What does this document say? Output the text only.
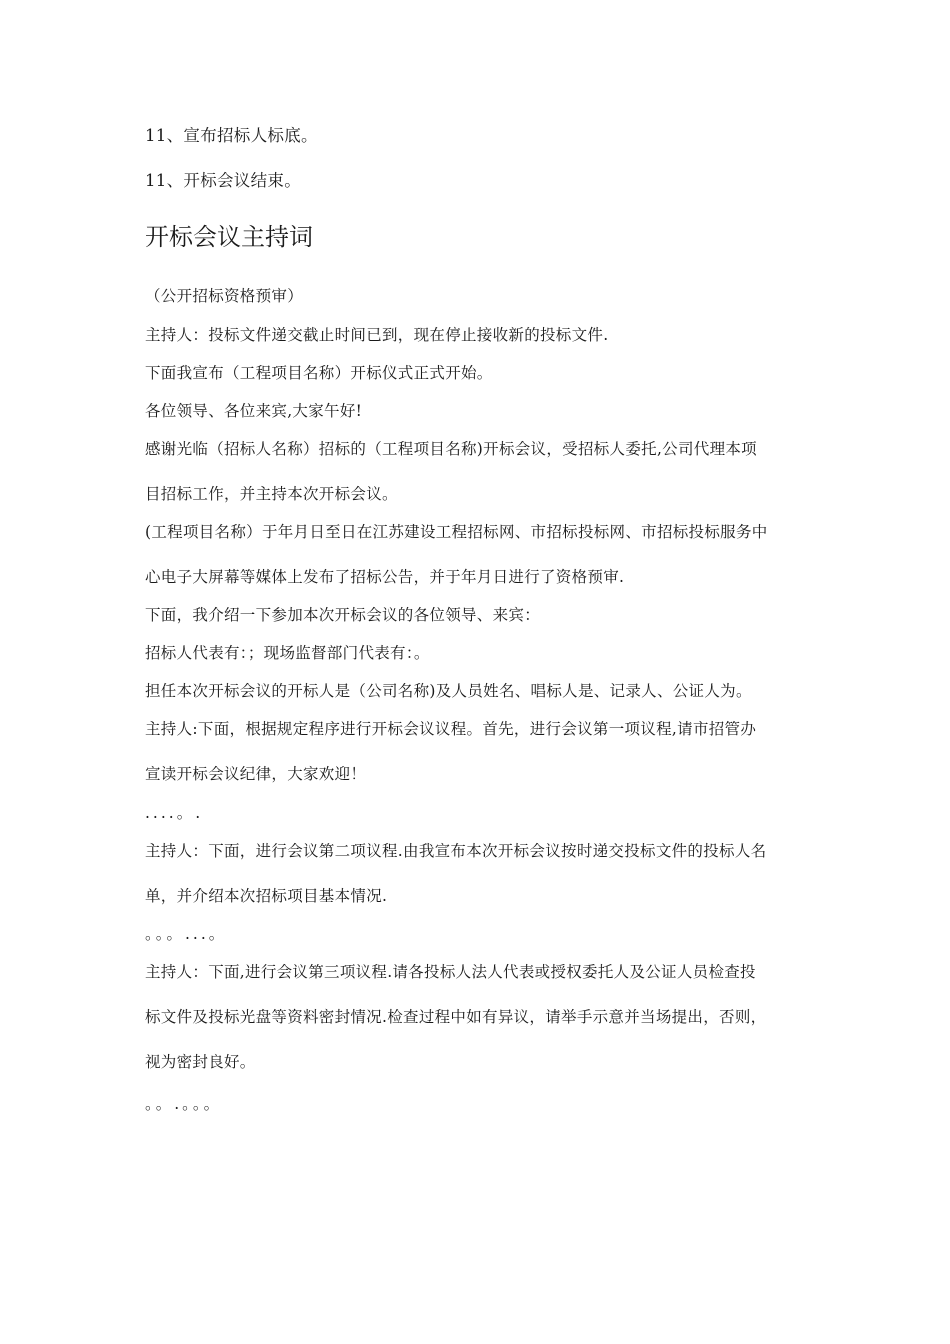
11、宣布招标人标底。
11、开标会议结束。
开标会议主持词
（公开招标资格预审）
主持人：投标文件递交截止时间已到，现在停止接收新的投标文件.
下面我宣布（工程项目名称）开标仪式正式开始。
各位领导、各位来宾,大家午好!
感谢光临（招标人名称）招标的（工程项目名称)开标会议，受招标人委托,公司代理本项
目招标工作，并主持本次开标会议。
(工程项目名称）于年月日至日在江苏建设工程招标网、市招标投标网、市招标投标服务中
心电子大屏幕等媒体上发布了招标公告，并于年月日进行了资格预审.
下面，我介绍一下参加本次开标会议的各位领导、来宾：
招标人代表有：；现场监督部门代表有：。
担任本次开标会议的开标人是（公司名称)及人员姓名、唱标人是、记录人、公证人为。
主持人:下面，根据规定程序进行开标会议议程。首先，进行会议第一项议程,请市招管办
宣读开标会议纪律，大家欢迎！
....。.
主持人：下面，进行会议第二项议程.由我宣布本次开标会议按时递交投标文件的投标人名
单，并介绍本次招标项目基本情况.
。。。...。
主持人：下面,进行会议第三项议程.请各投标人法人代表或授权委托人及公证人员检查投
标文件及投标光盘等资料密封情况.检查过程中如有异议，请举手示意并当场提出，否则，
视为密封良好。
。。.。。。
